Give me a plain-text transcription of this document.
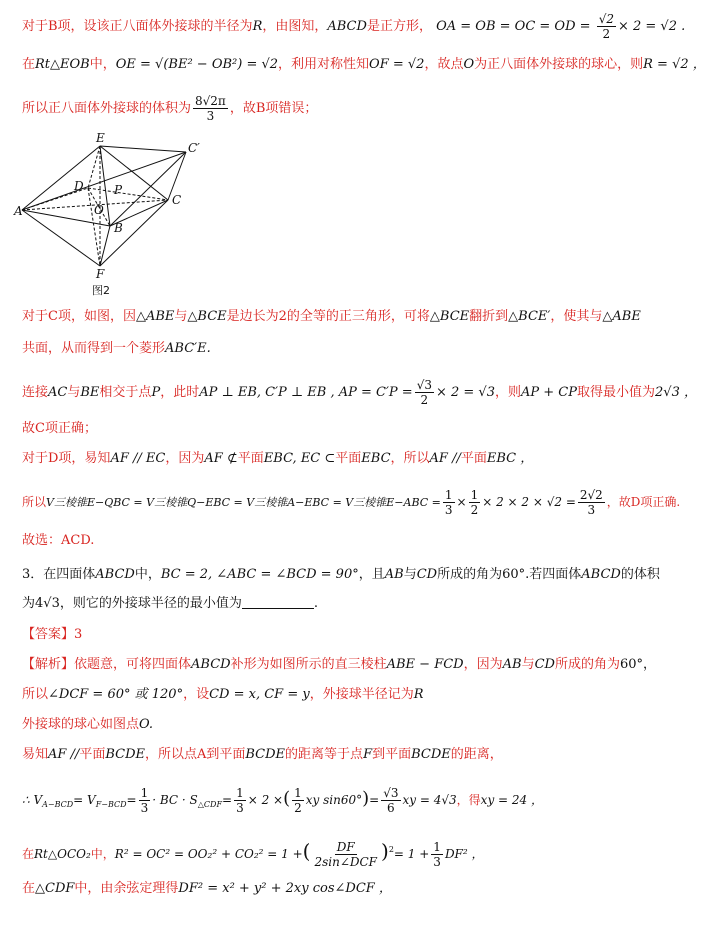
对于B项，设该正八面体外接球的半径为R，由图知，ABCD是正方形， OA = OB = OC = OD = $\frac{√2}{2} \times 2 = √2$ .
在Rt△EOB中，OE = √(BE² − OB²) = √2，利用对称性知OF = √2，故点O为正八面体外接球的球心，则R = √2 ，
所以正八面体外接球的体积为 $\frac{8√2\pi}{3}$ ，故B项错误；
E
C′
D	P
O
A
C
B
F
图2
对于C项，如图，因△ABE与△BCE是边长为2的全等的正三角形，可将△BCE翻折到△BCE′，使其与△ABE
共面，从而得到一个菱形ABC′E.
连接AC与BE相交于点P，此时AP ⊥ EB, C′P ⊥ EB , AP = $C'P = \frac{√3}{2} \times 2 = √3$，则AP + CP取得最小值为2√3 ，
故C项正确；
对于D项，易知AF // EC，因为AF ⊄平面EBC, EC ⊂平面EBC，所以AF //平面EBC ，
所以V三棱锥E−QBC = V三棱锥Q−EBC = V三棱锥A−EBC = V三棱锥$E-ABC = \frac{1}{3} \times \frac{1}{2} \times 2 \times 2 \times √2 = \frac{2√2}{3}$ ，故D项正确.
故选：ACD.
3．在四面体ABCD中，BC = 2, ∠ABC = ∠BCD = 90°，且AB与CD所成的角为60°.若四面体ABCD的体积
为4√3，则它的外接球半径的最小值为	.
【答案】3
【解析】依题意，可将四面体ABCD补形为如图所示的直三棱柱ABE − FCD，因为AB与CD所成的角为60°，
所以∠DCF = 60° 或 120°，设CD = x, CF = y，外接球半径记为R
外接球的球心如图点O.
易知AF //平面BCDE，所以点A到平面BCDE的距离等于点F到平面BCDE的距离，
∴ $V_{A-BCD}= V_{F-BCD}= \frac{1}{3}$ · BC · $S_{\triangle CDF}= \frac{1}{3} \times 2$ ×( $\frac{1}{2}$ xy $\sin 60^\circ)= \frac{√3}{6}$ xy = 4√3，得xy = 24 ，
在Rt△OCO₂中，R² = OC² = OO₂² + CO₂² = 1 +( $\frac{DF}{\text{2sin∠DCF}} )^2= 1 + \frac{1}{3} DF^2$ ，
在△CDF中，由余弦定理得DF² = x² + y² + 2xy cos∠DCF ，
